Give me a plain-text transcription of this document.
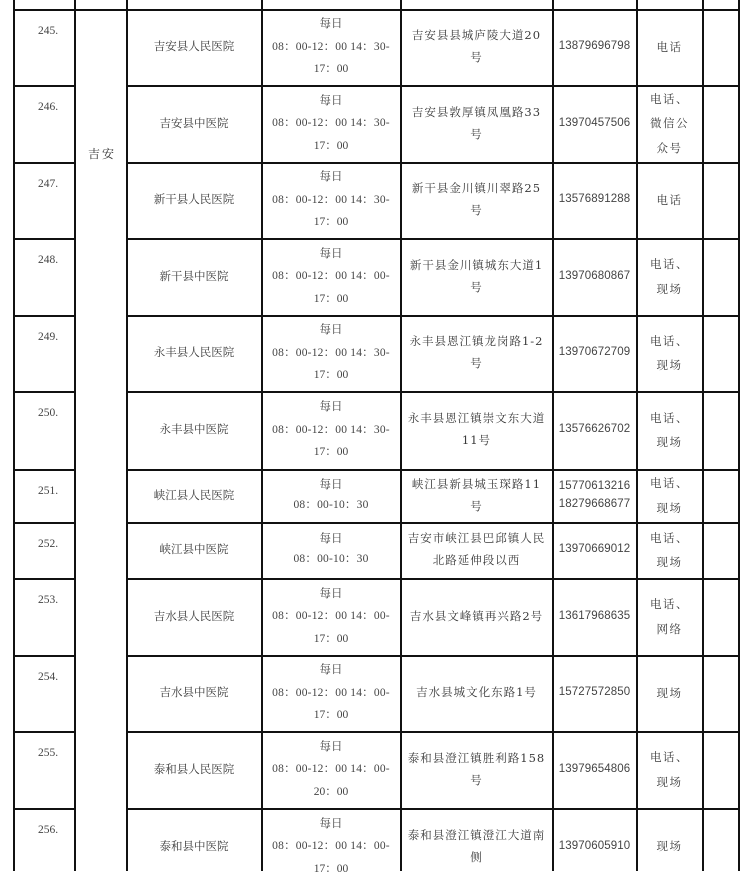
吉安
245.
吉安县人民医院
每日
08：00-12：00 14：30-
17：00
吉安县县城庐陵大道20号
13879696798 电话
246.
吉安县中医院
每日
08：00-12：00 14：30-
17：00
吉安县敦厚镇凤凰路33号
13970457506
电话、微信公众号
247.
新干县人民医院
每日
08：00-12：00 14：30-
17：00
新干县金川镇川翠路25号
13576891288 电话
248.
新干县中医院
每日
08：00-12：00 14：00-
17：00
新干县金川镇城东大道1号
13970680867
电话、现场
249.
永丰县人民医院
每日
08：00-12：00 14：30-
17：00
永丰县恩江镇龙岗路1-2号
13970672709
电话、现场
250.
永丰县中医院
每日
08：00-12：00 14：30-
17：00
永丰县恩江镇崇文东大道11号
13576626702
电话、现场
251.	峡江县人民医院
每日
08：00-10：30
峡江县新县城玉琛路11号
15770613216
18279668677
电话、现场
252.	峡江县中医院
每日
08：00-10：30
吉安市峡江县巴邱镇人民北路延伸段以西
13970669012
电话、现场
253.
吉水县人民医院
每日
08：00-12：00 14：00-
17：00
吉水县文峰镇再兴路2号 13617968635
电话、网络
254.
吉水县中医院
每日
08：00-12：00 14：00-
17：00
吉水县城文化东路1号 15727572850 现场
255.
泰和县人民医院
每日
08：00-12：00 14：00-
20：00
泰和县澄江镇胜利路158号
13979654806
电话、现场
256.
泰和县中医院
每日
08：00-12：00 14：00-
17：00
泰和县澄江镇澄江大道南侧
13970605910 现场
